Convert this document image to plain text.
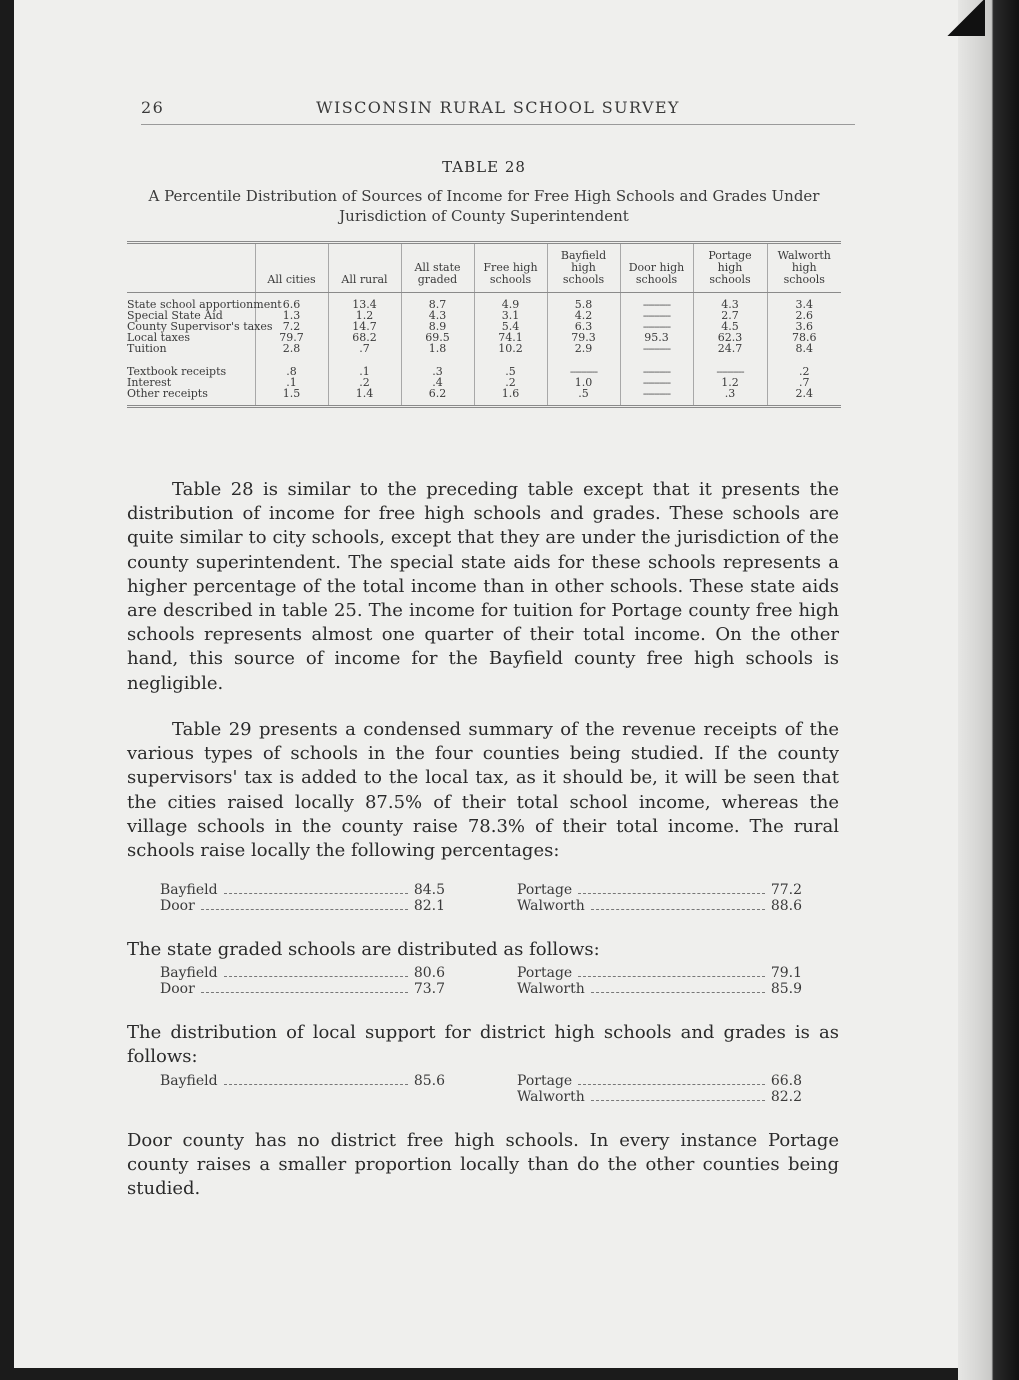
26	WISCONSIN RURAL SCHOOL SURVEY
TABLE 28
A Percentile Distribution of Sources of Income for Free High Schools and Grades Under Jurisdiction of County Superintendent
	All cities	All rural	All state graded	Free high schools	Bayfield high schools	Door high schools	Portage high schools	Walworth high schools
State school apportionment	6.6	13.4	8.7	4.9	5.8	----------	4.3	3.4
Special State Aid	1.3	1.2	4.3	3.1	4.2	----------	2.7	2.6
County Supervisor's taxes	7.2	14.7	8.9	5.4	6.3	----------	4.5	3.6
Local taxes	79.7	68.2	69.5	74.1	79.3	95.3	62.3	78.6
Tuition	2.8	.7	1.8	10.2	2.9	----------	24.7	8.4

Textbook receipts	.8	.1	.3	.5	----------	----------	----------	.2
Interest	.1	.2	.4	.2	1.0	----------	1.2	.7
Other receipts	1.5	1.4	6.2	1.6	.5	----------	.3	2.4

Table 28 is similar to the preceding table except that it presents the distribution of income for free high schools and grades. These schools are quite similar to city schools, except that they are under the jurisdiction of the county superintendent. The special state aids for these schools represents a higher percentage of the total income than in other schools. These state aids are described in table 25. The income for tuition for Portage county free high schools represents almost one quarter of their total income. On the other hand, this source of income for the Bayfield county free high schools is negligible.

Table 29 presents a condensed summary of the revenue receipts of the various types of schools in the four counties being studied. If the county supervisors' tax is added to the local tax, as it should be, it will be seen that the cities raised locally 87.5% of their total school income, whereas the village schools in the county raise 78.3% of their total income. The rural schools raise locally the following percentages:

Bayfield	84.5
Door	82.1
Portage	77.2
Walworth	88.6

The state graded schools are distributed as follows:

Bayfield	80.6
Door	73.7
Portage	79.1
Walworth	85.9

The distribution of local support for district high schools and grades is as follows:

Bayfield	85.6	Portage	66.8
Walworth	82.2

Door county has no district free high schools. In every instance Portage county raises a smaller proportion locally than do the other counties being studied.
